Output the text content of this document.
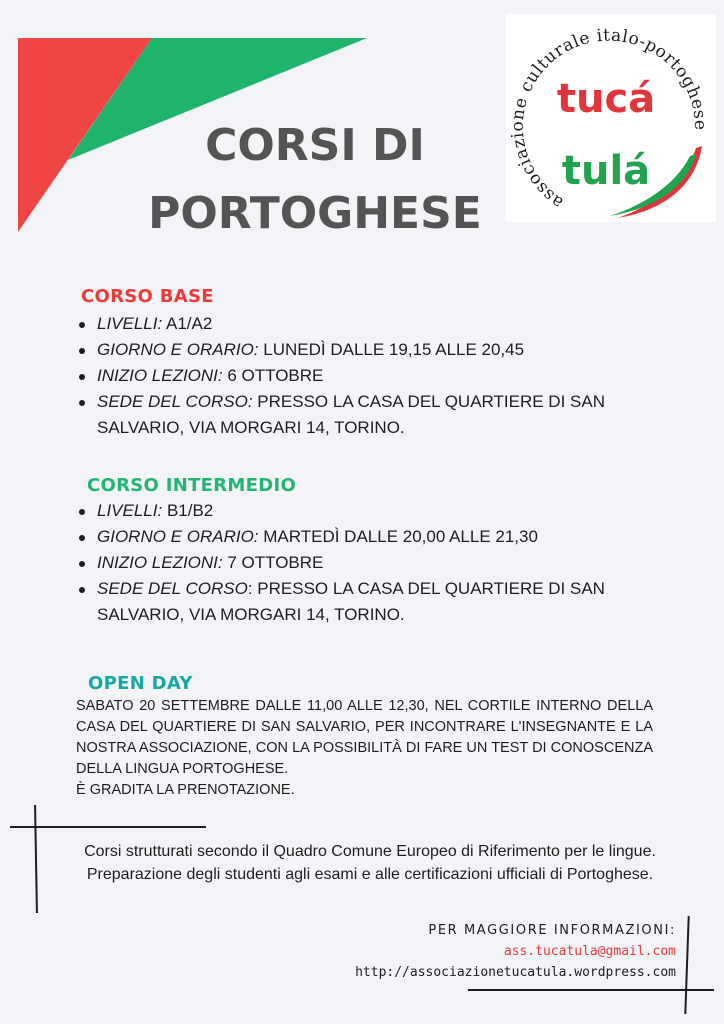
CORSI DI
PORTOGHESE	associazione culturale italo-portoghese
tucá
tulá
CORSO BASE
LIVELLI: A1/A2
GIORNO E ORARIO: LUNEDÌ DALLE 19,15 ALLE 20,45
INIZIO LEZIONI: 6 OTTOBRE
SEDE DEL CORSO: PRESSO LA CASA DEL QUARTIERE DI SAN SALVARIO, VIA MORGARI 14, TORINO.
CORSO INTERMEDIO
LIVELLI: B1/B2
GIORNO E ORARIO: MARTEDÌ DALLE 20,00 ALLE 21,30
INIZIO LEZIONI: 7 OTTOBRE
SEDE DEL CORSO: PRESSO LA CASA DEL QUARTIERE DI SAN SALVARIO, VIA MORGARI 14, TORINO.
OPEN DAY
SABATO 20 SETTEMBRE DALLE 11,00 ALLE 12,30, NEL CORTILE INTERNO DELLA CASA DEL QUARTIERE DI SAN SALVARIO, PER INCONTRARE L'INSEGNANTE E LA NOSTRA ASSOCIAZIONE, CON LA POSSIBILITÀ DI FARE UN TEST DI CONOSCENZA DELLA LINGUA PORTOGHESE.
È GRADITA LA PRENOTAZIONE.
Corsi strutturati secondo il Quadro Comune Europeo di Riferimento per le lingue.
Preparazione degli studenti agli esami e alle certificazioni ufficiali di Portoghese.
PER MAGGIORE INFORMAZIONI:
ass.tucatula@gmail.com
http://associazionetucatula.wordpress.com
